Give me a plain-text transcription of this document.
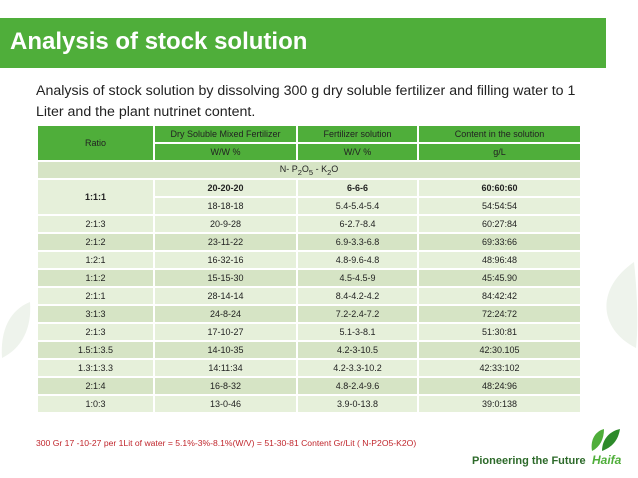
Analysis of stock solution
Analysis of stock solution by dissolving 300 g dry soluble fertilizer and filling water to 1 Liter and the plant nutrinet content.
Ratio	Dry Soluble Mixed Fertilizer	Fertilizer solution	Content in the solution
	W/W %	W/V %	g/L
N- $P_2O_5 - K_2O$			
1:1:1	20-20-20	6-6-6	60:60:60
	18-18-18	5.4-5.4-5.4	54:54:54
2:1:3	20-9-28	6-2.7-8.4	60:27:84
2:1:2	23-11-22	6.9-3.3-6.8	69:33:66
1:2:1	16-32-16	4.8-9.6-4.8	48:96:48
1:1:2	15-15-30	4.5-4.5-9	45:45.90
2:1:1	28-14-14	8.4-4.2-4.2	84:42:42
3:1:3	24-8-24	7.2-2.4-7.2	72:24:72
2:1:3	17-10-27	5.1-3-8.1	51:30:81
1.5:1:3.5	14-10-35	4.2-3-10.5	42:30.105
1.3:1:3.3	14:11:34	4.2-3.3-10.2	42:33:102
2:1:4	16-8-32	4.8-2.4-9.6	48:24:96
1:0:3	13-0-46	3.9-0-13.8	39:0:138
300 Gr 17 -10-27 per 1Lit of water = 5.1%-3%-8.1%(W/V) = 51-30-81 Content Gr/Lit ( N-P2O5-K2O)
Pioneering the Future Haifa
